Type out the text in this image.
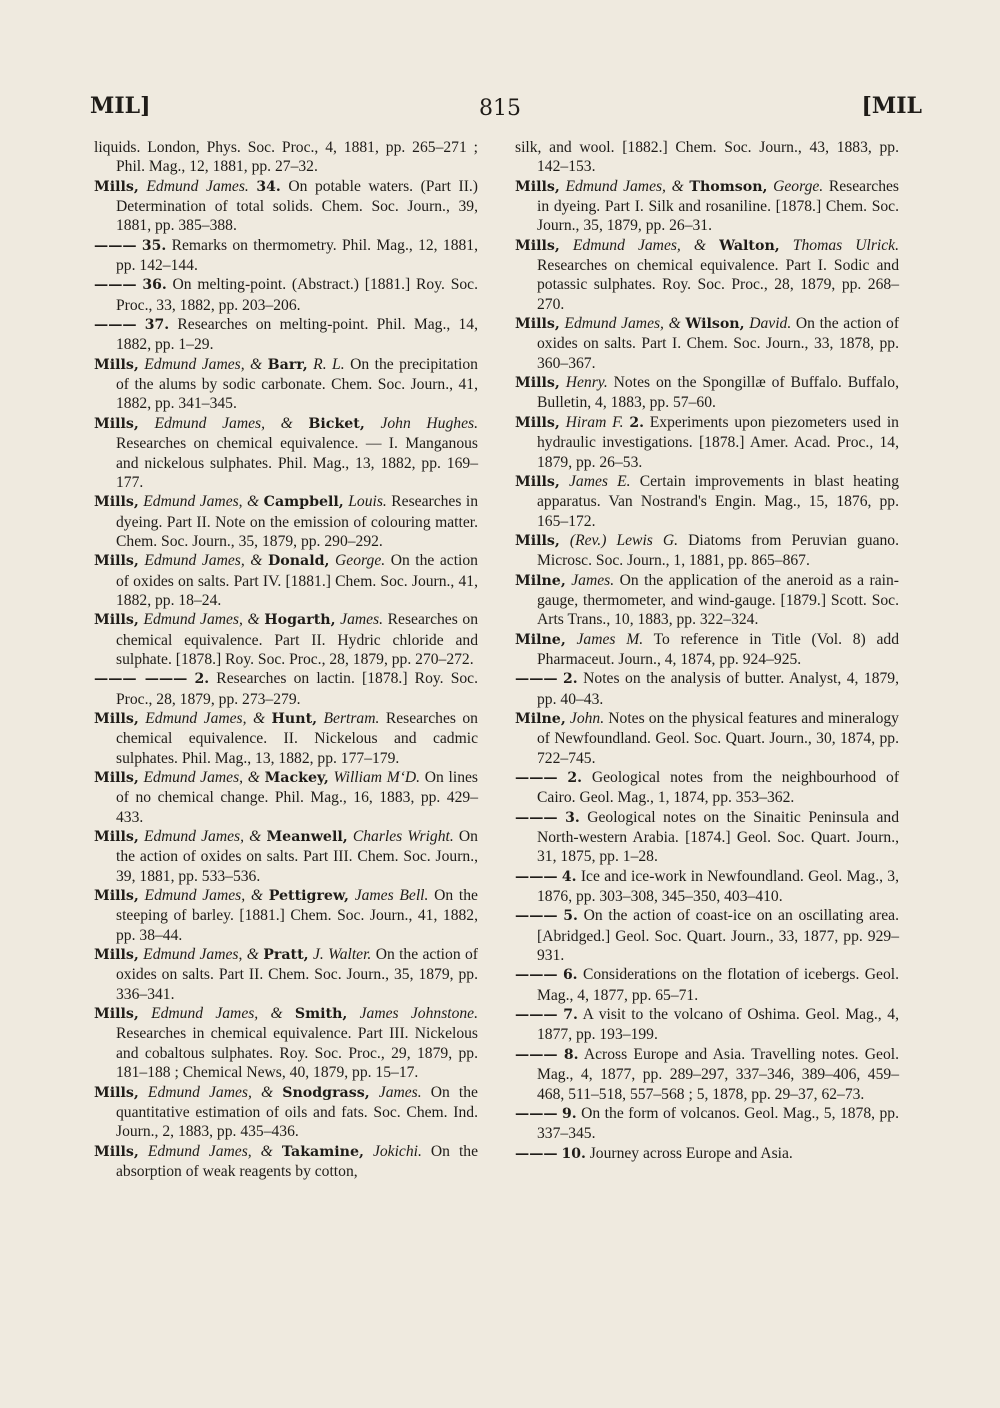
MIL]	815	[MIL

liquids. London, Phys. Soc. Proc., 4, 1881, pp. 265–271 ; Phil. Mag., 12, 1881, pp. 27–32.

Mills, Edmund James. 34. On potable waters. (Part II.) Determination of total solids. Chem. Soc. Journ., 39, 1881, pp. 385–388.

——— 35. Remarks on thermometry. Phil. Mag., 12, 1881, pp. 142–144.

——— 36. On melting-point. (Abstract.) [1881.] Roy. Soc. Proc., 33, 1882, pp. 203–206.

——— 37. Researches on melting-point. Phil. Mag., 14, 1882, pp. 1–29.

Mills, Edmund James, & Barr, R. L. On the precipitation of the alums by sodic carbonate. Chem. Soc. Journ., 41, 1882, pp. 341–345.

Mills, Edmund James, & Bicket, John Hughes. Researches on chemical equivalence. — I. Manganous and nickelous sulphates. Phil. Mag., 13, 1882, pp. 169–177.

Mills, Edmund James, & Campbell, Louis. Researches in dyeing. Part II. Note on the emission of colouring matter. Chem. Soc. Journ., 35, 1879, pp. 290–292.

Mills, Edmund James, & Donald, George. On the action of oxides on salts. Part IV. [1881.] Chem. Soc. Journ., 41, 1882, pp. 18–24.

Mills, Edmund James, & Hogarth, James. Researches on chemical equivalence. Part II. Hydric chloride and sulphate. [1878.] Roy. Soc. Proc., 28, 1879, pp. 270–272.

——— ——— 2. Researches on lactin. [1878.] Roy. Soc. Proc., 28, 1879, pp. 273–279.

Mills, Edmund James, & Hunt, Bertram. Researches on chemical equivalence. II. Nickelous and cadmic sulphates. Phil. Mag., 13, 1882, pp. 177–179.

Mills, Edmund James, & Mackey, William M‘D. On lines of no chemical change. Phil. Mag., 16, 1883, pp. 429–433.

Mills, Edmund James, & Meanwell, Charles Wright. On the action of oxides on salts. Part III. Chem. Soc. Journ., 39, 1881, pp. 533–536.

Mills, Edmund James, & Pettigrew, James Bell. On the steeping of barley. [1881.] Chem. Soc. Journ., 41, 1882, pp. 38–44.

Mills, Edmund James, & Pratt, J. Walter. On the action of oxides on salts. Part II. Chem. Soc. Journ., 35, 1879, pp. 336–341.

Mills, Edmund James, & Smith, James Johnstone. Researches in chemical equivalence. Part III. Nickelous and cobaltous sulphates. Roy. Soc. Proc., 29, 1879, pp. 181–188 ; Chemical News, 40, 1879, pp. 15–17.

Mills, Edmund James, & Snodgrass, James. On the quantitative estimation of oils and fats. Soc. Chem. Ind. Journ., 2, 1883, pp. 435–436.

Mills, Edmund James, & Takamine, Jokichi. On the absorption of weak reagents by cotton,

silk, and wool. [1882.] Chem. Soc. Journ., 43, 1883, pp. 142–153.

Mills, Edmund James, & Thomson, George. Researches in dyeing. Part I. Silk and rosaniline. [1878.] Chem. Soc. Journ., 35, 1879, pp. 26–31.

Mills, Edmund James, & Walton, Thomas Ulrick. Researches on chemical equivalence. Part I. Sodic and potassic sulphates. Roy. Soc. Proc., 28, 1879, pp. 268–270.

Mills, Edmund James, & Wilson, David. On the action of oxides on salts. Part I. Chem. Soc. Journ., 33, 1878, pp. 360–367.

Mills, Henry. Notes on the Spongillæ of Buffalo. Buffalo, Bulletin, 4, 1883, pp. 57–60.

Mills, Hiram F. 2. Experiments upon piezometers used in hydraulic investigations. [1878.] Amer. Acad. Proc., 14, 1879, pp. 26–53.

Mills, James E. Certain improvements in blast heating apparatus. Van Nostrand's Engin. Mag., 15, 1876, pp. 165–172.

Mills, (Rev.) Lewis G. Diatoms from Peruvian guano. Microsc. Soc. Journ., 1, 1881, pp. 865–867.

Milne, James. On the application of the aneroid as a rain-gauge, thermometer, and wind-gauge. [1879.] Scott. Soc. Arts Trans., 10, 1883, pp. 322–324.

Milne, James M. To reference in Title (Vol. 8) add Pharmaceut. Journ., 4, 1874, pp. 924–925.

——— 2. Notes on the analysis of butter. Analyst, 4, 1879, pp. 40–43.

Milne, John. Notes on the physical features and mineralogy of Newfoundland. Geol. Soc. Quart. Journ., 30, 1874, pp. 722–745.

——— 2. Geological notes from the neighbourhood of Cairo. Geol. Mag., 1, 1874, pp. 353–362.

——— 3. Geological notes on the Sinaitic Peninsula and North-western Arabia. [1874.] Geol. Soc. Quart. Journ., 31, 1875, pp. 1–28.

——— 4. Ice and ice-work in Newfoundland. Geol. Mag., 3, 1876, pp. 303–308, 345–350, 403–410.

——— 5. On the action of coast-ice on an oscillating area. [Abridged.] Geol. Soc. Quart. Journ., 33, 1877, pp. 929–931.

——— 6. Considerations on the flotation of icebergs. Geol. Mag., 4, 1877, pp. 65–71.

——— 7. A visit to the volcano of Oshima. Geol. Mag., 4, 1877, pp. 193–199.

——— 8. Across Europe and Asia. Travelling notes. Geol. Mag., 4, 1877, pp. 289–297, 337–346, 389–406, 459–468, 511–518, 557–568 ; 5, 1878, pp. 29–37, 62–73.

——— 9. On the form of volcanos. Geol. Mag., 5, 1878, pp. 337–345.

——— 10. Journey across Europe and Asia.
